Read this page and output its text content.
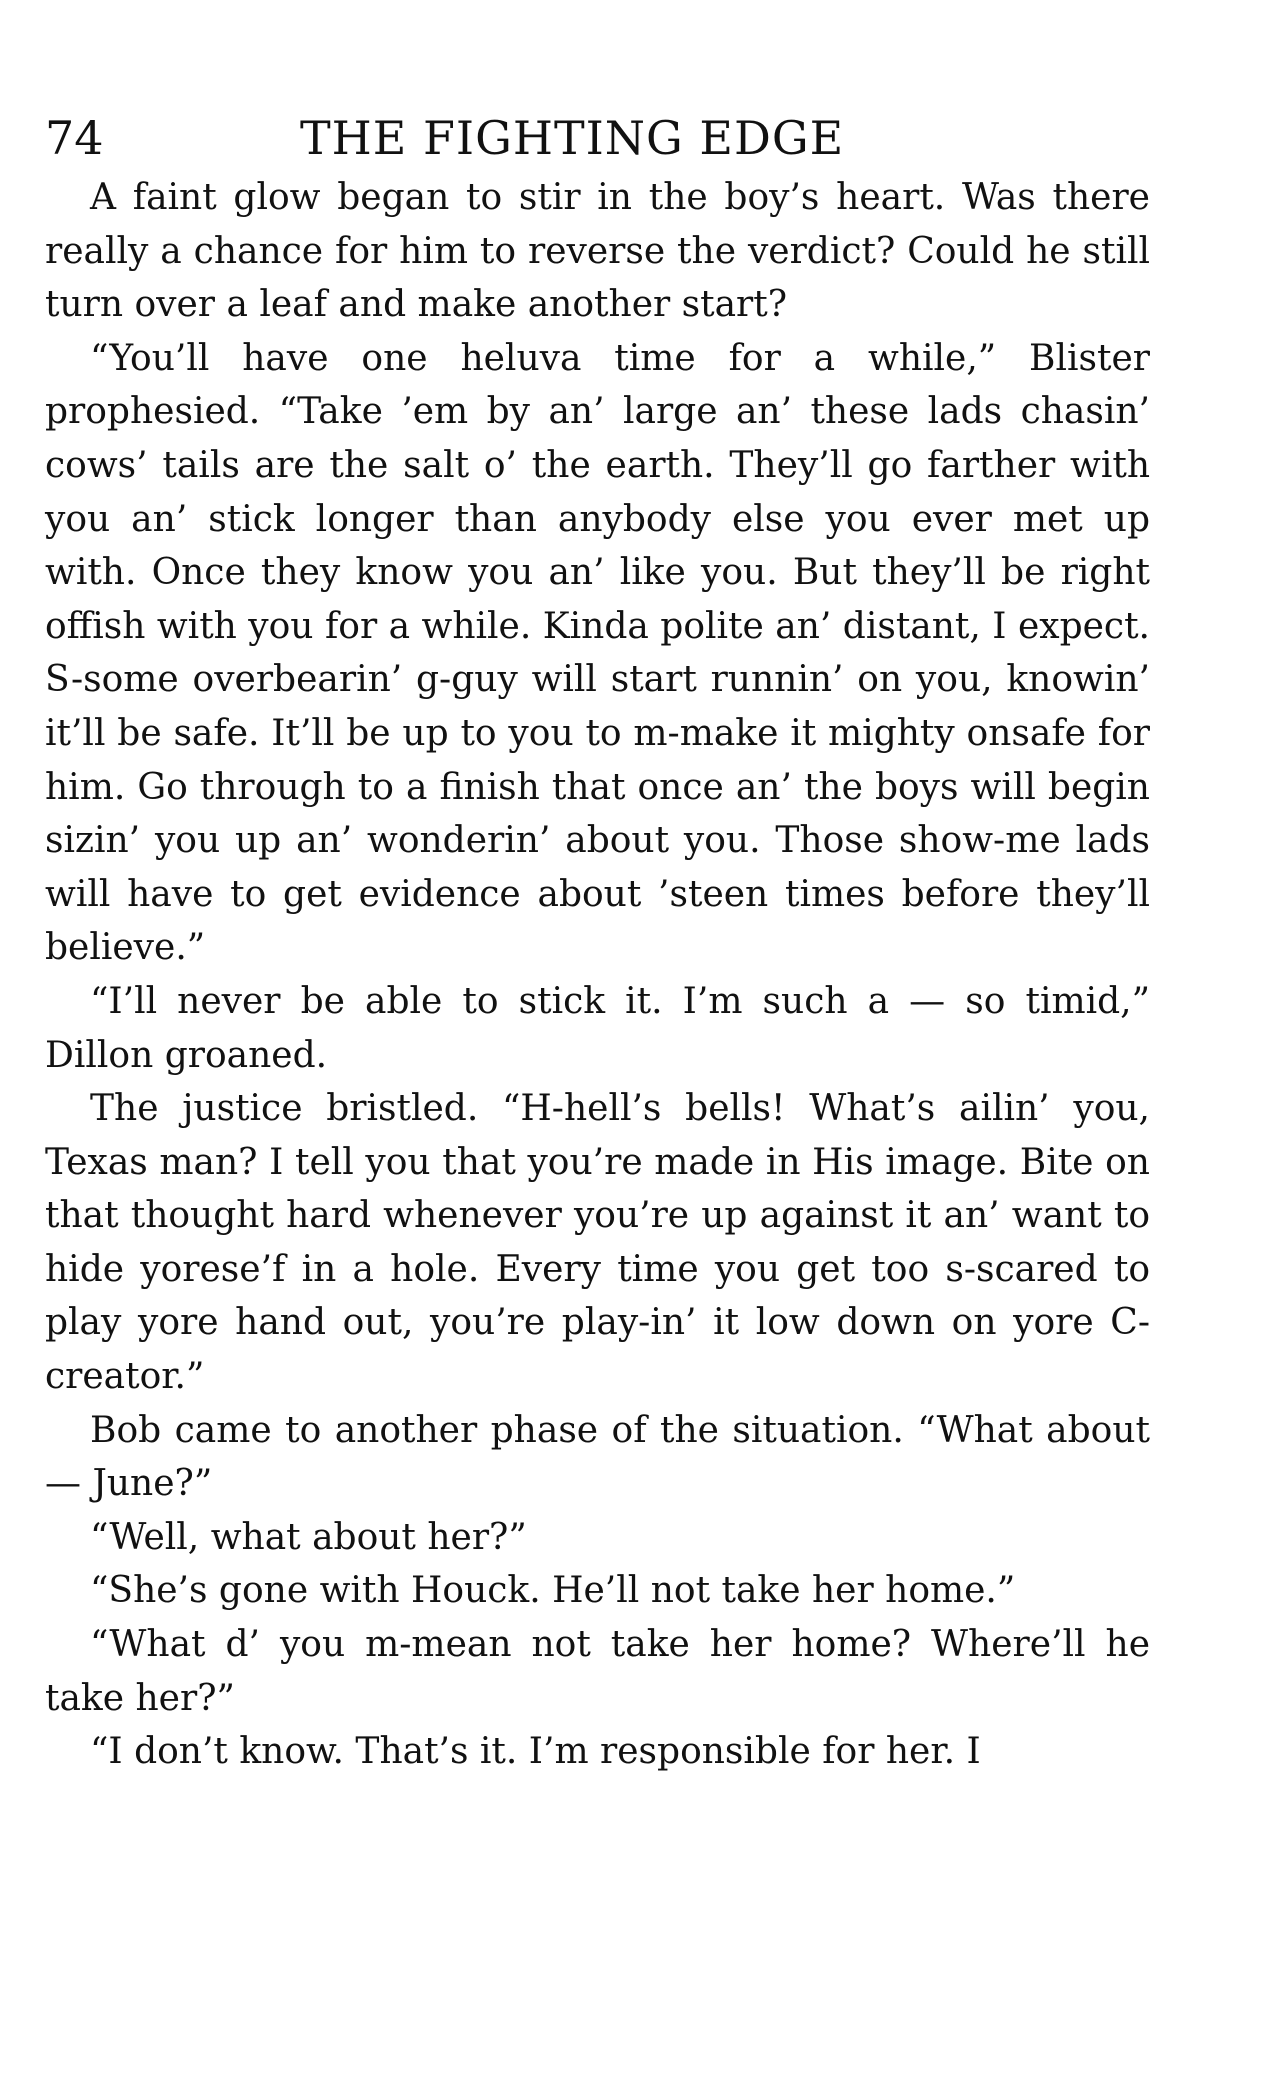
74	THE FIGHTING EDGE

A faint glow began to stir in the boy’s heart. Was there really a chance for him to reverse the verdict? Could he still turn over a leaf and make another start?

“You’ll have one heluva time for a while,” Blister prophesied. “Take ’em by an’ large an’ these lads chasin’ cows’ tails are the salt o’ the earth. They’ll go farther with you an’ stick longer than anybody else you ever met up with. Once they know you an’ like you. But they’ll be right offish with you for a while. Kinda polite an’ distant, I expect. S-some overbearin’ g-guy will start runnin’ on you, knowin’ it’ll be safe. It’ll be up to you to m-make it mighty onsafe for him. Go through to a finish that once an’ the boys will begin sizin’ you up an’ wonderin’ about you. Those show-me lads will have to get evidence about ’steen times before they’ll believe.”

“I’ll never be able to stick it. I’m such a — so timid,” Dillon groaned.

The justice bristled. “H-hell’s bells! What’s ailin’ you, Texas man? I tell you that you’re made in His image. Bite on that thought hard whenever you’re up against it an’ want to hide yorese’f in a hole. Every time you get too s-scared to play yore hand out, you’re play-in’ it low down on yore C-creator.”

Bob came to another phase of the situation. “What about — June?”

“Well, what about her?”

“She’s gone with Houck. He’ll not take her home.”

“What d’ you m-mean not take her home? Where’ll he take her?”

“I don’t know. That’s it. I’m responsible for her. I
